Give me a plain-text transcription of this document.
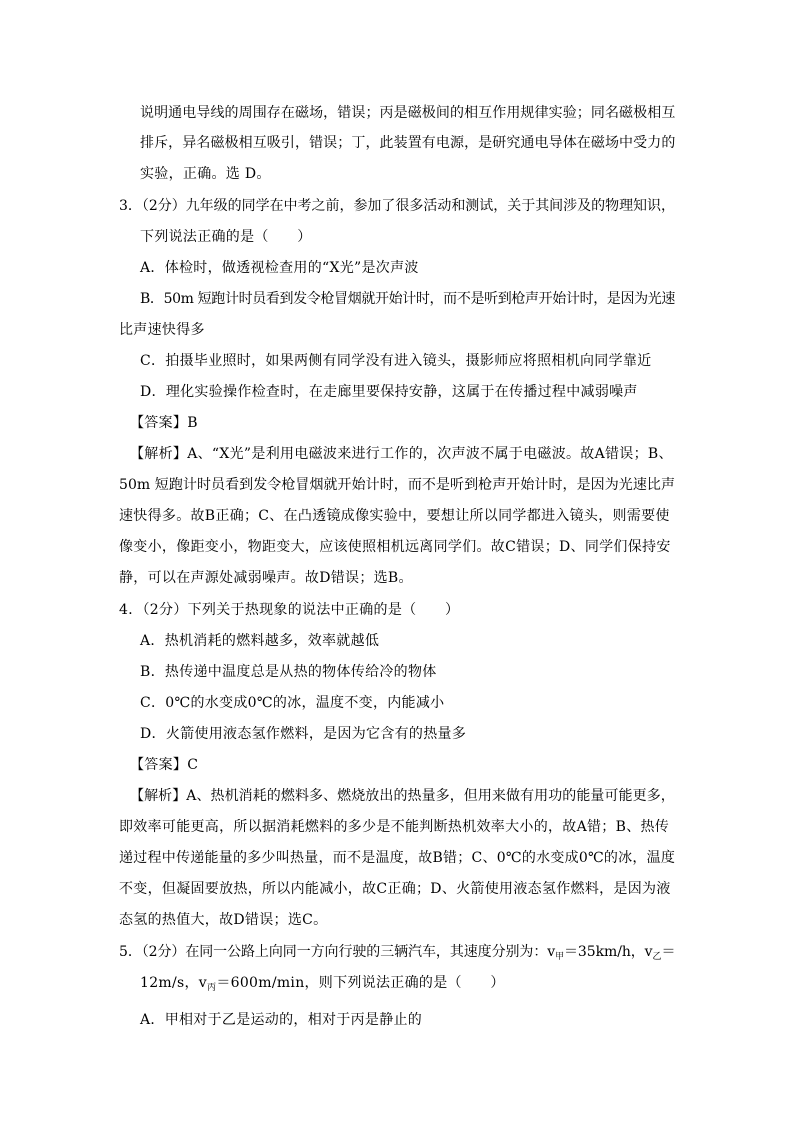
说明通电导线的周围存在磁场，错误；丙是磁极间的相互作用规律实验；同名磁极相互
排斥，异名磁极相互吸引，错误；丁，此装置有电源，是研究通电导体在磁场中受力的
实验，正确。选 D。
3．（2分）九年级的同学在中考之前，参加了很多活动和测试，关于其间涉及的物理知识，
下列说法正确的是（　　）
A．体检时，做透视检查用的“X光”是次声波
B．50m 短跑计时员看到发令枪冒烟就开始计时，而不是听到枪声开始计时，是因为光速
比声速快得多
C．拍摄毕业照时，如果两侧有同学没有进入镜头，摄影师应将照相机向同学靠近
D．理化实验操作检查时，在走廊里要保持安静，这属于在传播过程中减弱噪声
【答案】B
【解析】A、“X光”是利用电磁波来进行工作的，次声波不属于电磁波。故A错误；B、
50m 短跑计时员看到发令枪冒烟就开始计时，而不是听到枪声开始计时，是因为光速比声
速快得多。故B正确；C、在凸透镜成像实验中，要想让所以同学都进入镜头，则需要使
像变小，像距变小，物距变大，应该使照相机远离同学们。故C错误；D、同学们保持安
静，可以在声源处减弱噪声。故D错误；选B。
4．（2分）下列关于热现象的说法中正确的是（　　）
A．热机消耗的燃料越多，效率就越低
B．热传递中温度总是从热的物体传给冷的物体
C．0℃的水变成0℃的冰，温度不变，内能减小
D．火箭使用液态氢作燃料，是因为它含有的热量多
【答案】C
【解析】A、热机消耗的燃料多、燃烧放出的热量多，但用来做有用功的能量可能更多，
即效率可能更高，所以据消耗燃料的多少是不能判断热机效率大小的，故A错；B、热传
递过程中传递能量的多少叫热量，而不是温度，故B错；C、0℃的水变成0℃的冰，温度
不变，但凝固要放热，所以内能减小，故C正确；D、火箭使用液态氢作燃料，是因为液
态氢的热值大，故D错误；选C。
5．（2分）在同一公路上向同一方向行驶的三辆汽车，其速度分别为：$v_甲=35km/h$，$v_乙=$
12m/s，$v_丙=600m/\min$，则下列说法正确的是（　　）
A．甲相对于乙是运动的，相对于丙是静止的
